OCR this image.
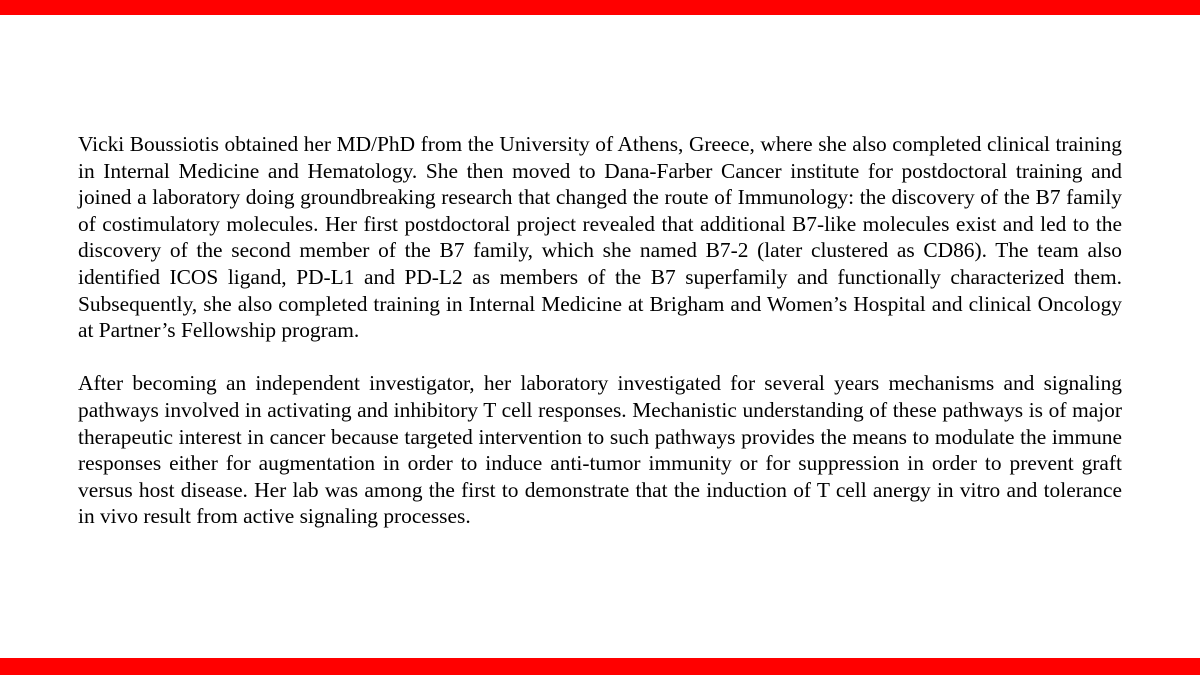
Vicki Boussiotis obtained her MD/PhD from the University of Athens, Greece, where she also completed clinical training in Internal Medicine and Hematology. She then moved to Dana-Farber Cancer institute for postdoctoral training and joined a laboratory doing groundbreaking research that changed the route of Immunology: the discovery of the B7 family of costimulatory molecules. Her first postdoctoral project revealed that additional B7-like molecules exist and led to the discovery of the second member of the B7 family, which she named B7-2 (later clustered as CD86). The team also identified ICOS ligand, PD-L1 and PD-L2 as members of the B7 superfamily and functionally characterized them. Subsequently, she also completed training in Internal Medicine at Brigham and Women’s Hospital and clinical Oncology at Partner’s Fellowship program.

After becoming an independent investigator, her laboratory investigated for several years mechanisms and signaling pathways involved in activating and inhibitory T cell responses. Mechanistic understanding of these pathways is of major therapeutic interest in cancer because targeted intervention to such pathways provides the means to modulate the immune responses either for augmentation in order to induce anti-tumor immunity or for suppression in order to prevent graft versus host disease. Her lab was among the first to demonstrate that the induction of T cell anergy in vitro and tolerance in vivo result from active signaling processes.
